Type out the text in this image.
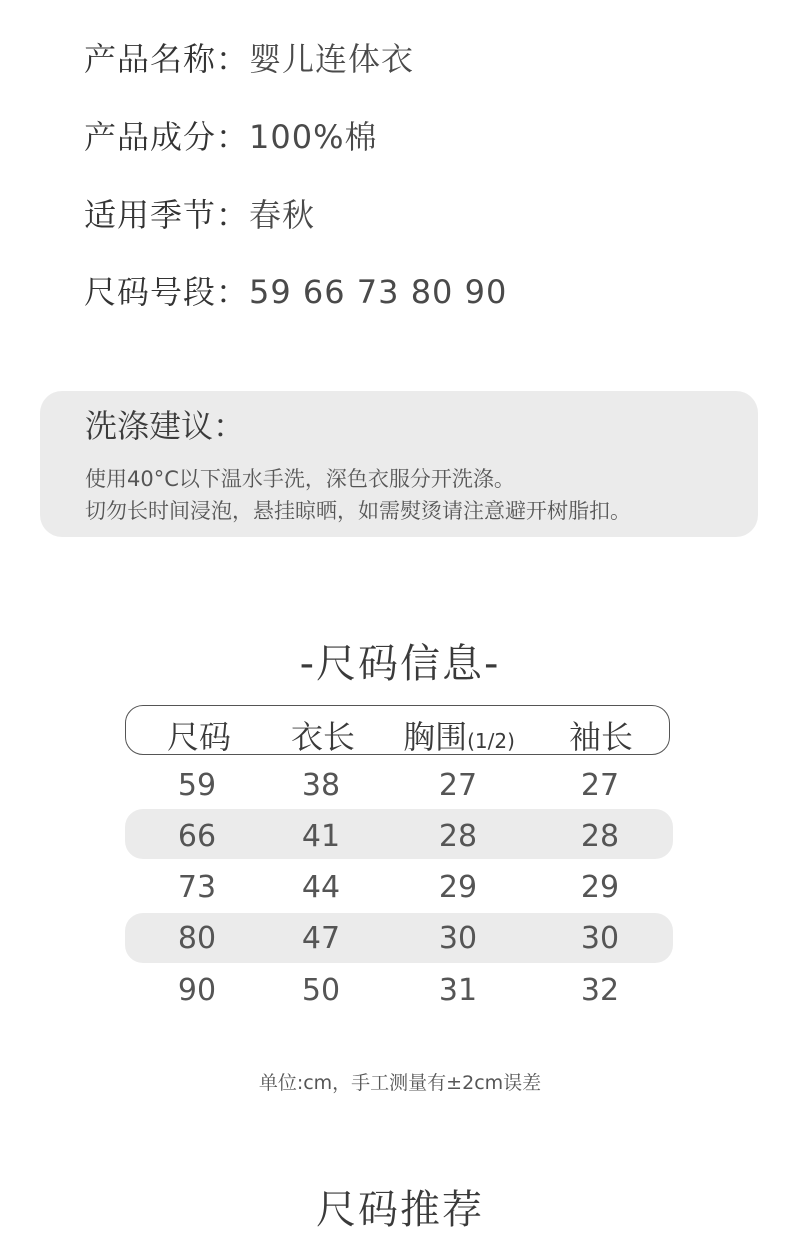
产品名称：婴儿连体衣
产品成分：100%棉
适用季节：春秋
尺码号段：59 66 73 80 90
洗涤建议：
使用40°C以下温水手洗，深色衣服分开洗涤。
切勿长时间浸泡，悬挂晾晒，如需熨烫请注意避开树脂扣。
-尺码信息-
尺码	衣长	胸围(1/2)	袖长
59	38	27	27
66	41	28	28
73	44	29	29
80	47	30	30
90	50	31	32
单位:cm，手工测量有±2cm误差
尺码推荐
